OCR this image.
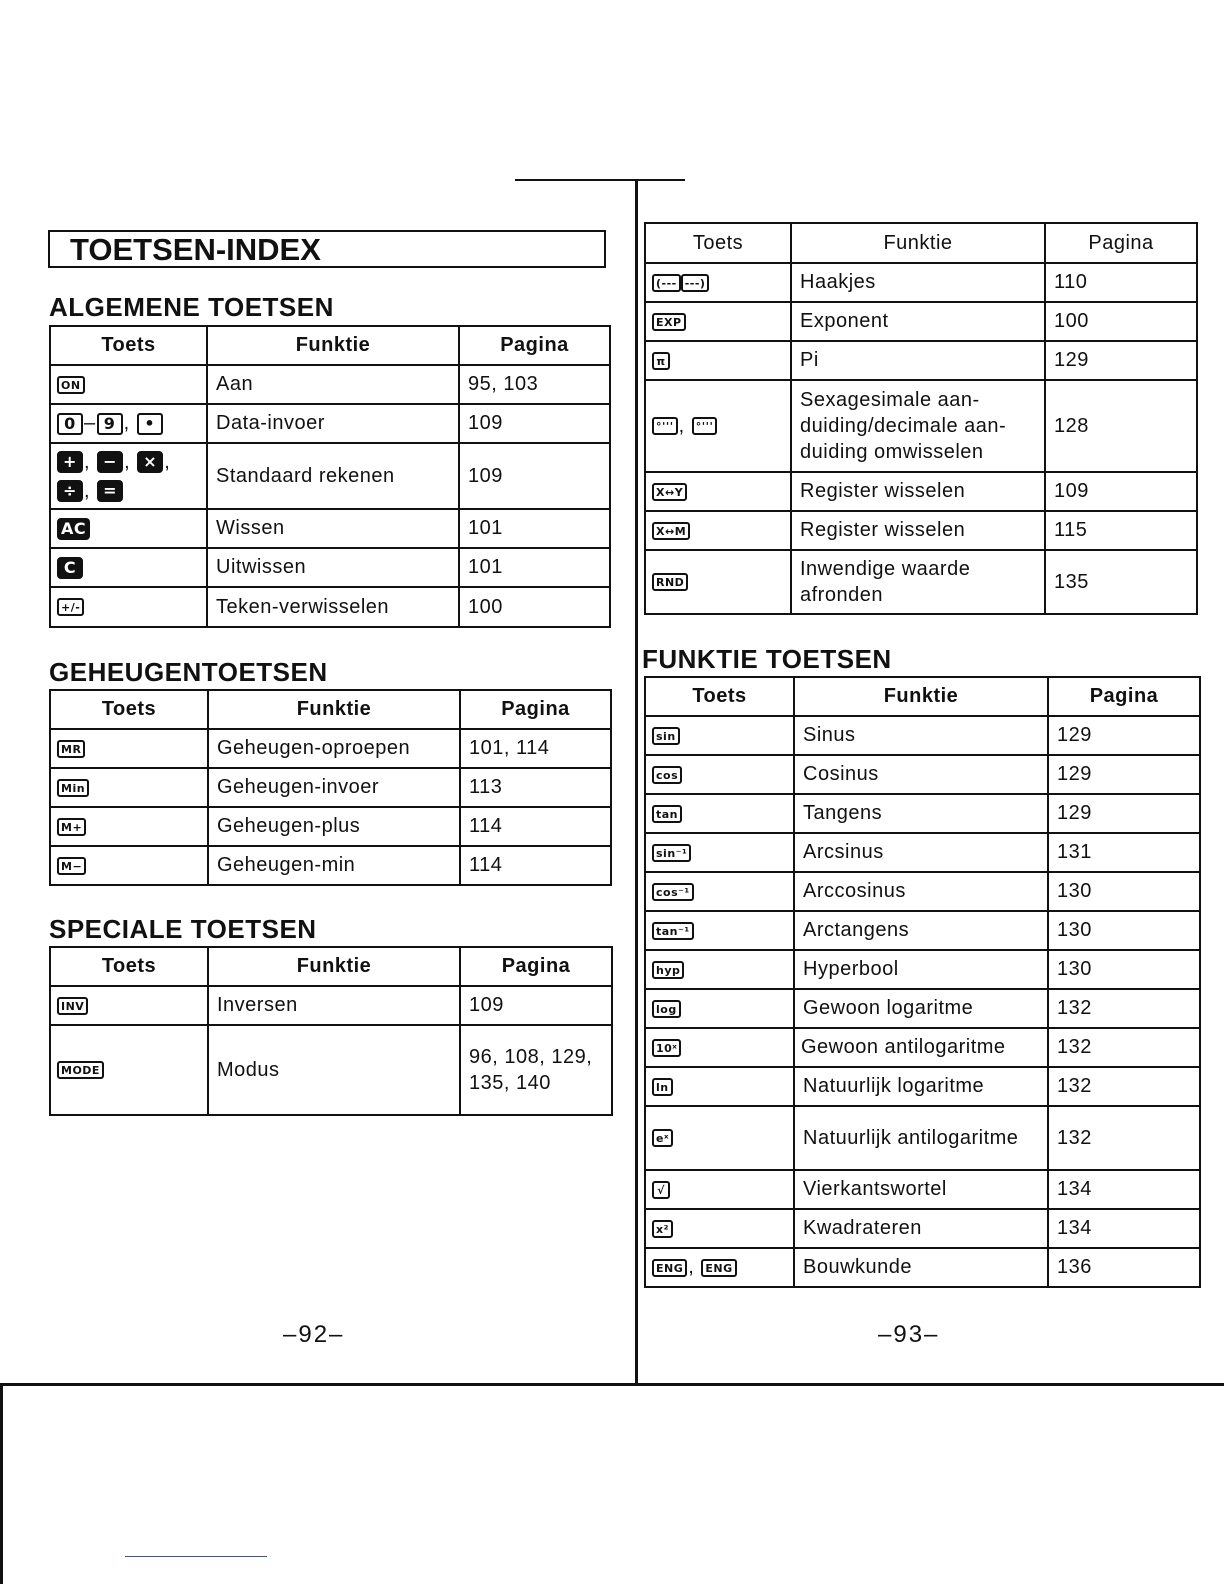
TOETSEN-INDEX
ALGEMENE TOETSEN
Toets	Funktie	Pagina
ON	Aan	95, 103
0 – 9 , •	Data-invoer	109
+ , − , × ,
÷ , =	Standaard rekenen	109
AC	Wissen	101
C	Uitwissen	101
+/-	Teken-verwisselen	100
GEHEUGENTOETSEN
Toets	Funktie	Pagina
MR	Geheugen-oproepen	101, 114
Min	Geheugen-invoer	113
M+	Geheugen-plus	114
M−	Geheugen-min	114
SPECIALE TOETSEN
Toets	Funktie	Pagina
INV	Inversen	109
MODE	Modus	96, 108, 129, 135, 140
Toets	Funktie	Pagina
(--- ---)	Haakjes	110
EXP	Exponent	100
π	Pi	129
°''' , °'''	Sexagesimale aan-duiding/decimale aan-duiding omwisselen	128
X↔Y	Register wisselen	109
X↔M	Register wisselen	115
RND	Inwendige waarde afronden	135
FUNKTIE TOETSEN
Toets	Funktie	Pagina
sin	Sinus	129
cos	Cosinus	129
tan	Tangens	129
sin⁻¹	Arcsinus	131
cos⁻¹	Arccosinus	130
tan⁻¹	Arctangens	130
hyp	Hyperbool	130
log	Gewoon logaritme	132
10ˣ	Gewoon antilogaritme	132
ln	Natuurlijk logaritme	132
eˣ	Natuurlijk antilogaritme	132
√	Vierkantswortel	134
x²	Kwadrateren	134
ENG , ENG	Bouwkunde	136
–92–	–93–
